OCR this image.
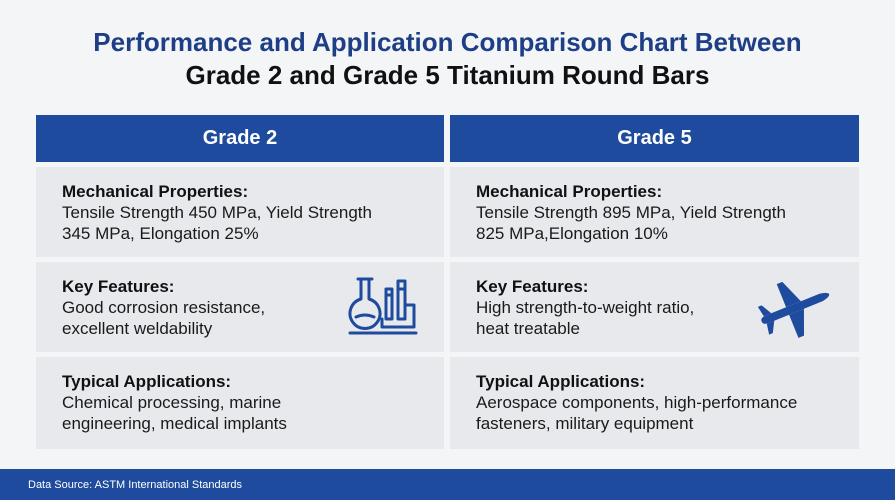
Performance and Application Comparison Chart Between
Grade 2 and Grade 5 Titanium Round Bars
Grade 2	Grade 5
Mechanical Properties:
Tensile Strength 450 MPa, Yield Strength
345 MPa, Elongation 25%
Mechanical Properties:
Tensile Strength 895 MPa, Yield Strength
825 MPa,Elongation 10%
Key Features:
Good corrosion resistance,
excellent weldability
Key Features:
High strength-to-weight ratio,
heat treatable
Typical Applications:
Chemical processing, marine
engineering, medical implants
Typical Applications:
Aerospace components, high-performance
fasteners, military equipment
Data Source: ASTM International Standards
